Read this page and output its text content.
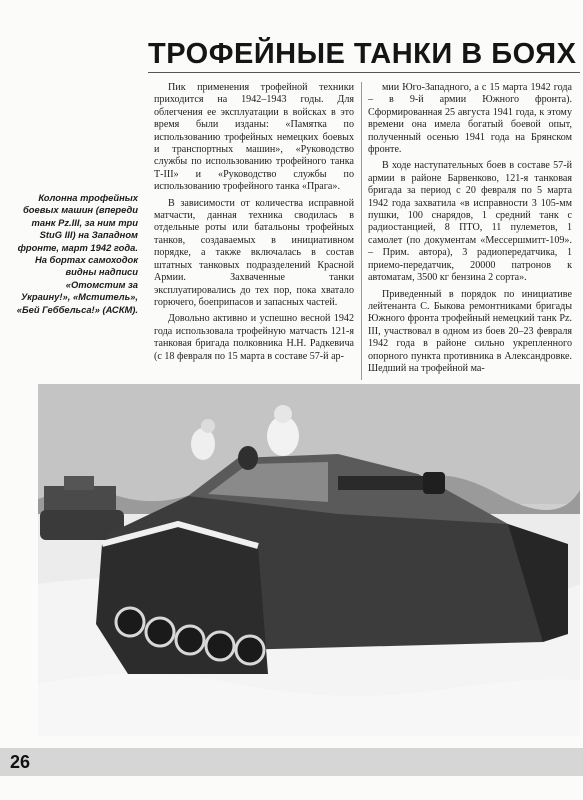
ТРОФЕЙНЫЕ ТАНКИ В БОЯХ
Колонна трофейных боевых машин (впереди танк Pz.III, за ним три StuG III) на Западном фронте, март 1942 года. На бортах самоходок видны надписи «Отомстим за Украину!», «Мститель», «Бей Геббельса!» (АСКМ).

Пик применения трофейной техники приходится на 1942–1943 годы. Для облегчения ее эксплуатации в войсках в это время были изданы: «Памятка по использованию трофейных немецких боевых и транспортных машин», «Руководство службы по использованию трофейного танка Т-III» и «Руководство службы по использованию трофейного танка «Прага».

В зависимости от количества исправной матчасти, данная техника сводилась в отдельные роты или батальоны трофейных танков, создаваемых в инициативном порядке, а также включалась в состав штатных танковых подразделений Красной Армии. Захваченные танки эксплуатировались до тех пор, пока хватало горючего, боеприпасов и запасных частей.

Довольно активно и успешно весной 1942 года использовала трофейную матчасть 121-я танковая бригада полковника Н.Н. Радкевича (с 18 февраля по 15 марта в составе 57-й ар-

мии Юго-Западного, а с 15 марта 1942 года – в 9-й армии Южного фронта). Сформированная 25 августа 1941 года, к этому времени она имела богатый боевой опыт, полученный осенью 1941 года на Брянском фронте.

В ходе наступательных боев в составе 57-й армии в районе Барвенково, 121-я танковая бригада за период с 20 февраля по 5 марта 1942 года захватила «в исправности 3 105-мм пушки, 100 снарядов, 1 средний танк с радиостанцией, 8 ПТО, 11 пулеметов, 1 самолет (по документам «Мессершмитт-109». – Прим. автора), 3 радиопередатчика, 1 приемо-передатчик, 20000 патронов к автоматам, 3500 кг бензина 2 сорта».

Приведенный в порядок по инициативе лейтенанта С. Быкова ремонтниками бригады Южного фронта трофейный немецкий танк Pz. III, участвовал в одном из боев 20–23 февраля 1942 года в районе сильно укрепленного опорного пункта противника в Александровке. Шедший на трофейной ма-

26
